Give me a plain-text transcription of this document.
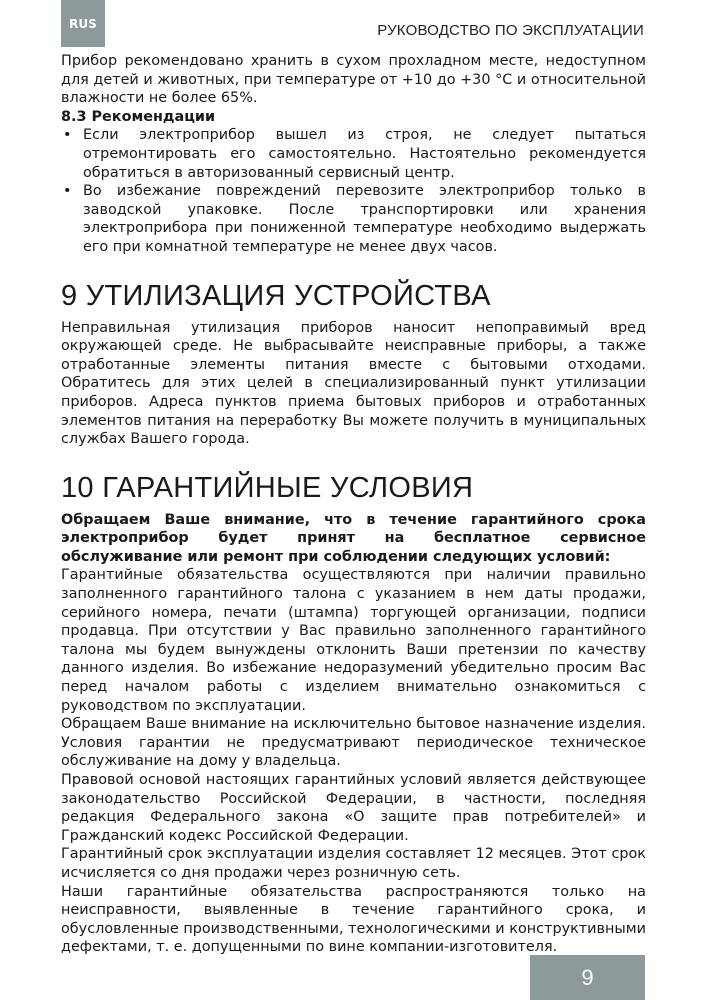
RUS	РУКОВОДСТВО ПО ЭКСПЛУАТАЦИИ

Прибор рекомендовано хранить в сухом прохладном месте, недоступном для детей и животных, при температуре от +10 до +30 °С и относительной влажности не более 65%.

8.3 Рекомендации

• Если электроприбор вышел из строя, не следует пытаться отремонтировать его самостоятельно. Настоятельно рекомендуется обратиться в авторизованный сервисный центр.
• Во избежание повреждений перевозите электроприбор только в заводской упаковке. После транспортировки или хранения электроприбора при пониженной температуре необходимо выдержать его при комнатной температуре не менее двух часов.
9 УТИЛИЗАЦИЯ УСТРОЙСТВА

Неправильная утилизация приборов наносит непоправимый вред окружающей среде. Не выбрасывайте неисправные приборы, а также отработанные элементы питания вместе с бытовыми отходами. Обратитесь для этих целей в специализированный пункт утилизации приборов. Адреса пунктов приема бытовых приборов и отработанных элементов питания на переработку Вы можете получить в муниципальных службах Вашего города.

10 ГАРАНТИЙНЫЕ УСЛОВИЯ

Обращаем Ваше внимание, что в течение гарантийного срока электроприбор будет принят на бесплатное сервисное обслуживание или ремонт при соблюдении следующих условий:

Гарантийные обязательства осуществляются при наличии правильно заполненного гарантийного талона с указанием в нем даты продажи, серийного номера, печати (штампа) торгующей организации, подписи продавца. При отсутствии у Вас правильно заполненного гарантийного талона мы будем вынуждены отклонить Ваши претензии по качеству данного изделия. Во избежание недоразумений убедительно просим Вас перед началом работы с изделием внимательно ознакомиться с руководством по эксплуатации.

Обращаем Ваше внимание на исключительно бытовое назначение изделия. Условия гарантии не предусматривают периодическое техническое обслуживание на дому у владельца.

Правовой основой настоящих гарантийных условий является действующее законодательство Российской Федерации, в частности, последняя редакция Федерального закона «О защите прав потребителей» и Гражданский кодекс Российской Федерации.

Гарантийный срок эксплуатации изделия составляет 12 месяцев. Этот срок исчисляется со дня продажи через розничную сеть.

Наши гарантийные обязательства распространяются только на неисправности, выявленные в течение гарантийного срока, и обусловленные производственными, технологическими и конструктивными дефектами, т. е. допущенными по вине компании-изготовителя.

9
